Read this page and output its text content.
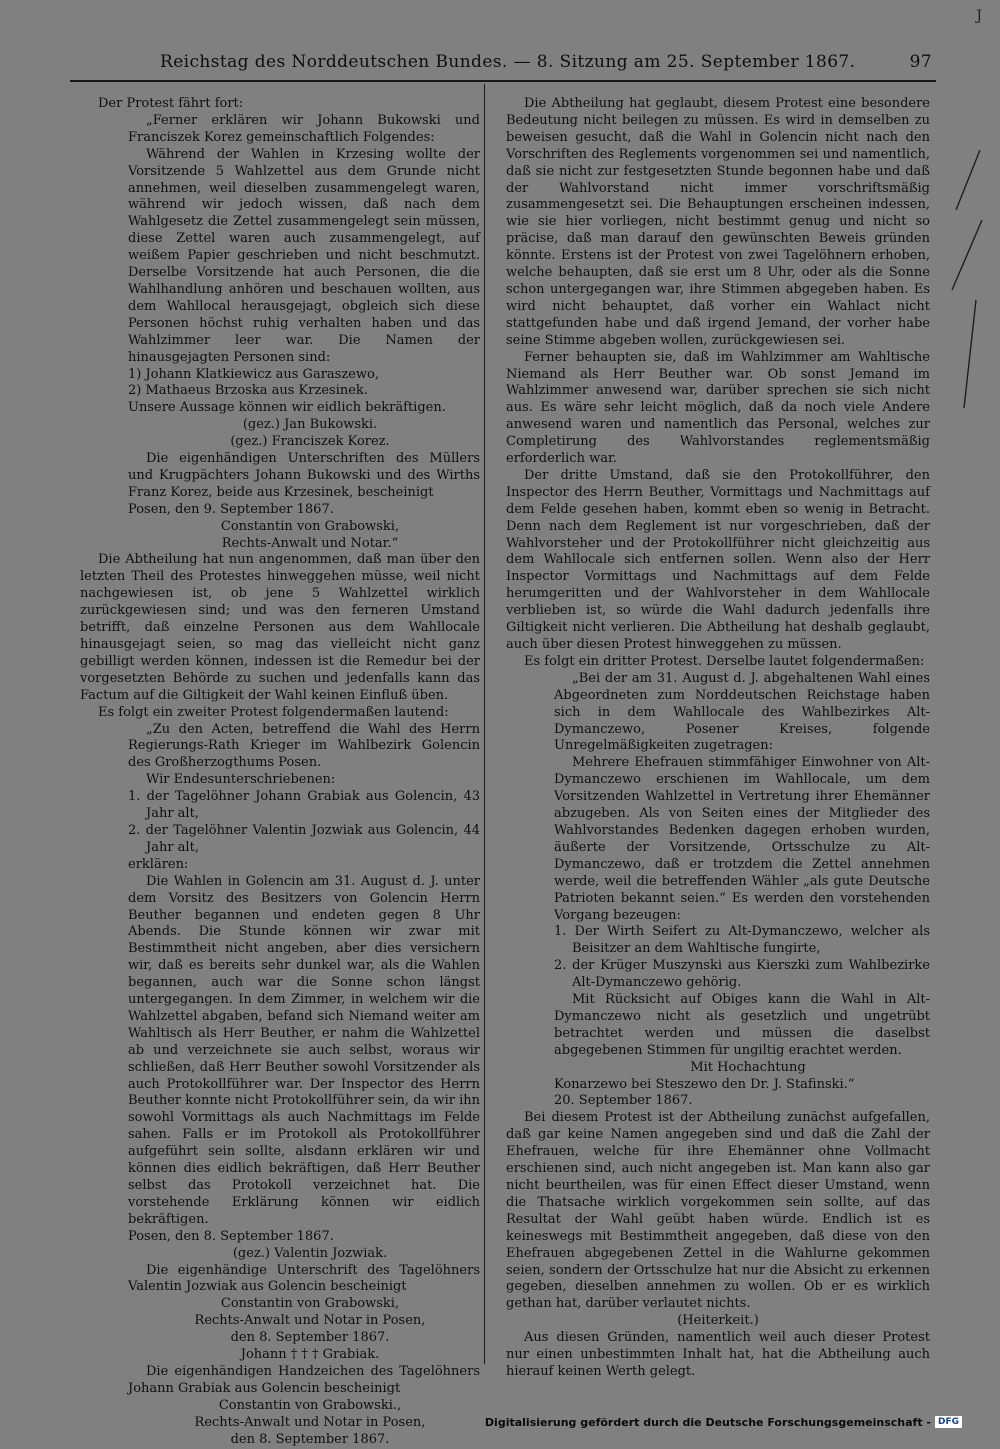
J
Reichstag des Norddeutschen Bundes. — 8. Sitzung am 25. September 1867.	97

Der Protest fährt fort:

„Ferner erklären wir Johann Bukowski und Franciszek Korez gemeinschaftlich Folgendes:

Während der Wahlen in Krzesing wollte der Vorsitzende 5 Wahlzettel aus dem Grunde nicht annehmen, weil dieselben zusammengelegt waren, während wir jedoch wissen, daß nach dem Wahlgesetz die Zettel zusammengelegt sein müssen, diese Zettel waren auch zusammengelegt, auf weißem Papier geschrieben und nicht beschmutzt. Derselbe Vorsitzende hat auch Personen, die die Wahlhandlung anhören und beschauen wollten, aus dem Wahllocal herausgejagt, obgleich sich diese Personen höchst ruhig verhalten haben und das Wahlzimmer leer war. Die Namen der hinausgejagten Personen sind:

1) Johann Klatkiewicz aus Garaszewo,

2) Mathaeus Brzoska aus Krzesinek.

Unsere Aussage können wir eidlich bekräftigen.

(gez.) Jan Bukowski.

(gez.) Franciszek Korez.

Die eigenhändigen Unterschriften des Müllers und Krugpächters Johann Bukowski und des Wirths Franz Korez, beide aus Krzesinek, bescheinigt

Posen, den 9. September 1867.

Constantin von Grabowski,

Rechts-Anwalt und Notar.“

Die Abtheilung hat nun angenommen, daß man über den letzten Theil des Protestes hinweggehen müsse, weil nicht nachgewiesen ist, ob jene 5 Wahlzettel wirklich zurückgewiesen sind; und was den ferneren Umstand betrifft, daß einzelne Personen aus dem Wahllocale hinausgejagt seien, so mag das vielleicht nicht ganz gebilligt werden können, indessen ist die Remedur bei der vorgesetzten Behörde zu suchen und jedenfalls kann das Factum auf die Giltigkeit der Wahl keinen Einfluß üben.

Es folgt ein zweiter Protest folgendermaßen lautend:

„Zu den Acten, betreffend die Wahl des Herrn Regierungs-Rath Krieger im Wahlbezirk Golencin des Großherzogthums Posen.

Wir Endesunterschriebenen:

1. der Tagelöhner Johann Grabiak aus Golencin, 43 Jahr alt,

2. der Tagelöhner Valentin Jozwiak aus Golencin, 44 Jahr alt,

erklären:

Die Wahlen in Golencin am 31. August d. J. unter dem Vorsitz des Besitzers von Golencin Herrn Beuther begannen und endeten gegen 8 Uhr Abends. Die Stunde können wir zwar mit Bestimmtheit nicht angeben, aber dies versichern wir, daß es bereits sehr dunkel war, als die Wahlen begannen, auch war die Sonne schon längst untergegangen. In dem Zimmer, in welchem wir die Wahlzettel abgaben, befand sich Niemand weiter am Wahltisch als Herr Beuther, er nahm die Wahlzettel ab und verzeichnete sie auch selbst, woraus wir schließen, daß Herr Beuther sowohl Vorsitzender als auch Protokollführer war. Der Inspector des Herrn Beuther konnte nicht Protokollführer sein, da wir ihn sowohl Vormittags als auch Nachmittags im Felde sahen. Falls er im Protokoll als Protokollführer aufgeführt sein sollte, alsdann erklären wir und können dies eidlich bekräftigen, daß Herr Beuther selbst das Protokoll verzeichnet hat. Die vorstehende Erklärung können wir eidlich bekräftigen.

Posen, den 8. September 1867.

(gez.) Valentin Jozwiak.

Die eigenhändige Unterschrift des Tagelöhners Valentin Jozwiak aus Golencin bescheinigt

Constantin von Grabowski,

Rechts-Anwalt und Notar in Posen,

den 8. September 1867.

Johann † † † Grabiak.

Die eigenhändigen Handzeichen des Tagelöhners Johann Grabiak aus Golencin bescheinigt

Constantin von Grabowski.,

Rechts-Anwalt und Notar in Posen,

den 8. September 1867.

Die Abtheilung hat geglaubt, diesem Protest eine besondere Bedeutung nicht beilegen zu müssen. Es wird in demselben zu beweisen gesucht, daß die Wahl in Golencin nicht nach den Vorschriften des Reglements vorgenommen sei und namentlich, daß sie nicht zur festgesetzten Stunde begonnen habe und daß der Wahlvorstand nicht immer vorschriftsmäßig zusammengesetzt sei. Die Behauptungen erscheinen indessen, wie sie hier vorliegen, nicht bestimmt genug und nicht so präcise, daß man darauf den gewünschten Beweis gründen könnte. Erstens ist der Protest von zwei Tagelöhnern erhoben, welche behaupten, daß sie erst um 8 Uhr, oder als die Sonne schon untergegangen war, ihre Stimmen abgegeben haben. Es wird nicht behauptet, daß vorher ein Wahlact nicht stattgefunden habe und daß irgend Jemand, der vorher habe seine Stimme abgeben wollen, zurückgewiesen sei.

Ferner behaupten sie, daß im Wahlzimmer am Wahltische Niemand als Herr Beuther war. Ob sonst Jemand im Wahlzimmer anwesend war, darüber sprechen sie sich nicht aus. Es wäre sehr leicht möglich, daß da noch viele Andere anwesend waren und namentlich das Personal, welches zur Completirung des Wahlvorstandes reglementsmäßig erforderlich war.

Der dritte Umstand, daß sie den Protokollführer, den Inspector des Herrn Beuther, Vormittags und Nachmittags auf dem Felde gesehen haben, kommt eben so wenig in Betracht. Denn nach dem Reglement ist nur vorgeschrieben, daß der Wahlvorsteher und der Protokollführer nicht gleichzeitig aus dem Wahllocale sich entfernen sollen. Wenn also der Herr Inspector Vormittags und Nachmittags auf dem Felde herumgeritten und der Wahlvorsteher in dem Wahllocale verblieben ist, so würde die Wahl dadurch jedenfalls ihre Giltigkeit nicht verlieren. Die Abtheilung hat deshalb geglaubt, auch über diesen Protest hinweggehen zu müssen.

Es folgt ein dritter Protest. Derselbe lautet folgendermaßen:

„Bei der am 31. August d. J. abgehaltenen Wahl eines Abgeordneten zum Norddeutschen Reichstage haben sich in dem Wahllocale des Wahlbezirkes Alt-Dymanczewo, Posener Kreises, folgende Unregelmäßigkeiten zugetragen:

Mehrere Ehefrauen stimmfähiger Einwohner von Alt-Dymanczewo erschienen im Wahllocale, um dem Vorsitzenden Wahlzettel in Vertretung ihrer Ehemänner abzugeben. Als von Seiten eines der Mitglieder des Wahlvorstandes Bedenken dagegen erhoben wurden, äußerte der Vorsitzende, Ortsschulze zu Alt-Dymanczewo, daß er trotzdem die Zettel annehmen werde, weil die betreffenden Wähler „als gute Deutsche Patrioten bekannt seien.“ Es werden den vorstehenden Vorgang bezeugen:

1. Der Wirth Seifert zu Alt-Dymanczewo, welcher als Beisitzer an dem Wahltische fungirte,

2. der Krüger Muszynski aus Kierszki zum Wahlbezirke Alt-Dymanczewo gehörig.

Mit Rücksicht auf Obiges kann die Wahl in Alt-Dymanczewo nicht als gesetzlich und ungetrübt betrachtet werden und müssen die daselbst abgegebenen Stimmen für ungiltig erachtet werden.

Mit Hochachtung

Konarzewo bei Steszewo den Dr. J. Stafinski.“

20. September 1867.

Bei diesem Protest ist der Abtheilung zunächst aufgefallen, daß gar keine Namen angegeben sind und daß die Zahl der Ehefrauen, welche für ihre Ehemänner ohne Vollmacht erschienen sind, auch nicht angegeben ist. Man kann also gar nicht beurtheilen, was für einen Effect dieser Umstand, wenn die Thatsache wirklich vorgekommen sein sollte, auf das Resultat der Wahl geübt haben würde. Endlich ist es keineswegs mit Bestimmtheit angegeben, daß diese von den Ehefrauen abgegebenen Zettel in die Wahlurne gekommen seien, sondern der Ortsschulze hat nur die Absicht zu erkennen gegeben, dieselben annehmen zu wollen. Ob er es wirklich gethan hat, darüber verlautet nichts.

(Heiterkeit.)

Aus diesen Gründen, namentlich weil auch dieser Protest nur einen unbestimmten Inhalt hat, hat die Abtheilung auch hierauf keinen Werth gelegt.

Digitalisierung gefördert durch die Deutsche Forschungsgemeinschaft - DFG
